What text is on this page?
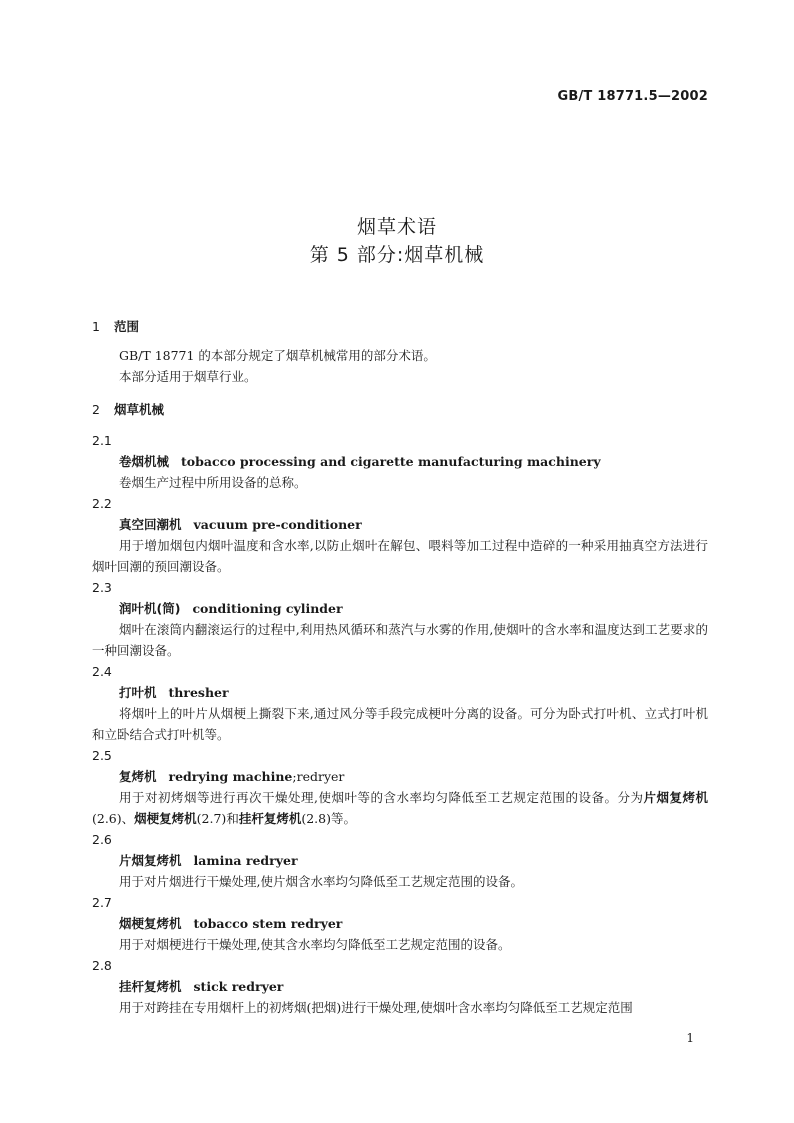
GB/T 18771.5—2002
烟草术语
第 5 部分:烟草机械
1 范围
GB/T 18771 的本部分规定了烟草机械常用的部分术语。
本部分适用于烟草行业。
2 烟草机械
2.1
卷烟机械 tobacco processing and cigarette manufacturing machinery
卷烟生产过程中所用设备的总称。
2.2
真空回潮机 vacuum pre-conditioner
用于增加烟包内烟叶温度和含水率,以防止烟叶在解包、喂料等加工过程中造碎的一种采用抽真空方法进行烟叶回潮的预回潮设备。
2.3
润叶机(筒) conditioning cylinder
烟叶在滚筒内翻滚运行的过程中,利用热风循环和蒸汽与水雾的作用,使烟叶的含水率和温度达到工艺要求的一种回潮设备。
2.4
打叶机 thresher
将烟叶上的叶片从烟梗上撕裂下来,通过风分等手段完成梗叶分离的设备。可分为卧式打叶机、立式打叶机和立卧结合式打叶机等。
2.5
复烤机 redrying machine;redryer
用于对初烤烟等进行再次干燥处理,使烟叶等的含水率均匀降低至工艺规定范围的设备。分为片烟复烤机(2.6)、烟梗复烤机(2.7)和挂杆复烤机(2.8)等。
2.6
片烟复烤机 lamina redryer
用于对片烟进行干燥处理,使片烟含水率均匀降低至工艺规定范围的设备。
2.7
烟梗复烤机 tobacco stem redryer
用于对烟梗进行干燥处理,使其含水率均匀降低至工艺规定范围的设备。
2.8
挂杆复烤机 stick redryer
用于对跨挂在专用烟杆上的初烤烟(把烟)进行干燥处理,使烟叶含水率均匀降低至工艺规定范围
1
